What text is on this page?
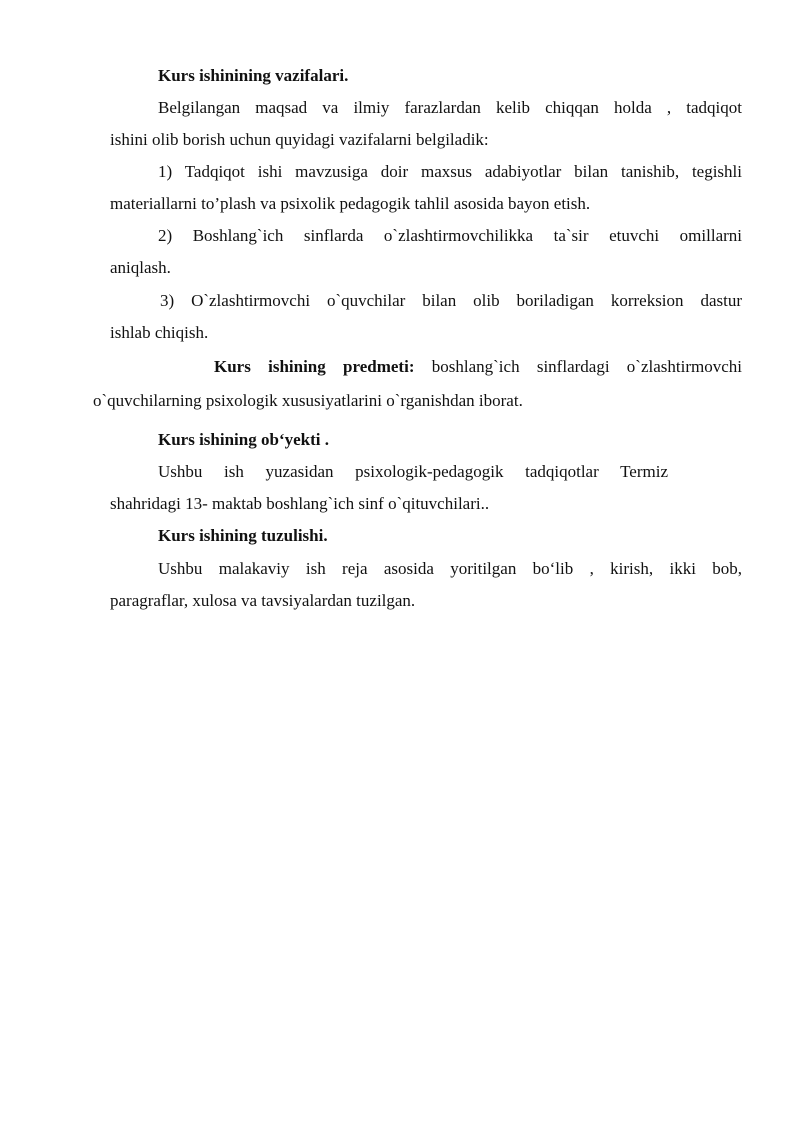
Kurs ishinining vazifalari.
Belgilangan maqsad va ilmiy farazlardan kelib chiqqan holda , tadqiqot
ishini olib borish uchun quyidagi vazifalarni belgiladik:
1) Tadqiqot ishi mavzusiga doir maxsus adabiyotlar bilan tanishib, tegishli
materiallarni to’plash va psixolik pedagogik tahlil asosida bayon etish.
2) Boshlang`ich sinflarda o`zlashtirmovchilikka ta`sir etuvchi omillarni
aniqlash.
3) O`zlashtirmovchi o`quvchilar bilan olib boriladigan korreksion dastur
ishlab chiqish.
Kurs ishining predmeti: boshlang`ich sinflardagi o`zlashtirmovchi
o`quvchilarning psixologik xususiyatlarini o`rganishdan iborat.
Kurs ishining ob‘yekti .
Ushbu ish yuzasidan psixologik-pedagogik tadqiqotlar Termiz
shahridagi 13- maktab boshlang`ich sinf o`qituvchilari..
Kurs ishining tuzulishi.
Ushbu malakaviy ish reja asosida yoritilgan bo‘lib , kirish, ikki bob,
paragraflar, xulosa va tavsiyalardan tuzilgan.
